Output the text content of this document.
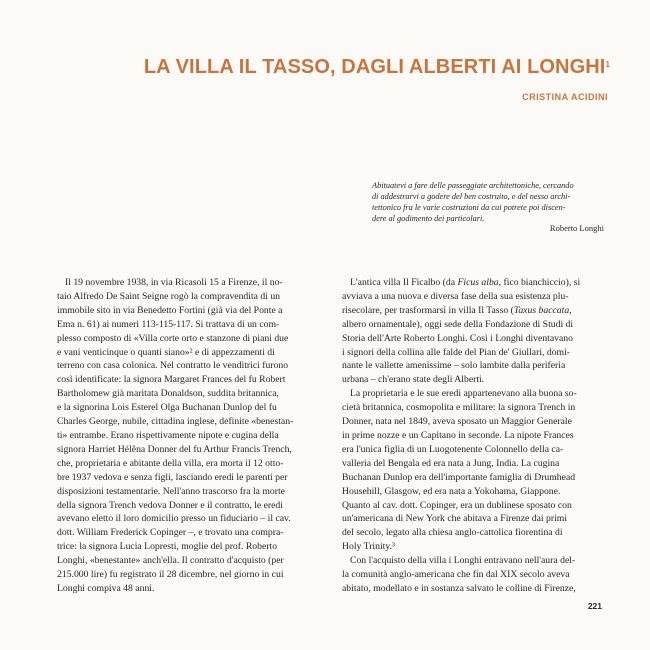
LA VILLA IL TASSO, DAGLI ALBERTI AI LONGHI$^1$
CRISTINA ACIDINI
Abituatevi a fare delle passeggiate architettoniche, cercando
di addestrarvi a godere del ben costruito, e del nesso archi-
tettonico fra le varie costruzioni da cui potrete poi discen-
dere al godimento dei particolari.
Roberto Longhi
Il 19 novembre 1938, in via Ricasoli 15 a Firenze, il no-
taio Alfredo De Saint Seigne rogò la compravendita di un
immobile sito in via Benedetto Fortini (già via del Ponte a
Ema n. 61) ai numeri 113-115-117. Si trattava di un com-
plesso composto di «Villa corte orto e stanzone di piani due
e vani venticinque o quanti siano»² e di appezzamenti di
terreno con casa colonica. Nel contratto le venditrici furono
così identificate: la signora Margaret Frances del fu Robert
Bartholomew già maritata Donaldson, suddita britannica,
e la signorina Lois Esterel Olga Buchanan Dunlop del fu
Charles George, nubile, cittadina inglese, definite «benestan-
ti» entrambe. Erano rispettivamente nipote e cugina della
signora Harriet Hélêna Donner del fu Arthur Francis Trench,
che, proprietaria e abitante della villa, era morta il 12 otto-
bre 1937 vedova e senza figli, lasciando eredi le parenti per
disposizioni testamentarie. Nell'anno trascorso fra la morte
della signora Trench vedova Donner e il contratto, le eredi
avevano eletto il loro domicilio presso un fiduciario – il cav.
dott. William Frederick Copinger –, e trovato una compra-
trice: la signora Lucia Lopresti, moglie del prof. Roberto
Longhi, «benestante» anch'ella. Il contratto d'acquisto (per
215.000 lire) fu registrato il 28 dicembre, nel giorno in cui
Longhi compiva 48 anni.
L'antica villa Il Ficalbo (da Ficus alba, fico bianchiccio), si
avviava a una nuova e diversa fase della sua esistenza plu-
risecolare, per trasformarsi in villa Il Tasso (Taxus baccata,
albero ornamentale), oggi sede della Fondazione di Studi di
Storia dell'Arte Roberto Longhi. Così i Longhi diventavano
i signori della collina alle falde del Pian de' Giullari, domi-
nante le vallette amenissime – solo lambite dalla periferia
urbana – ch'erano state degli Alberti.
La proprietaria e le sue eredi appartenevano alla buona so-
cietà britannica, cosmopolita e militare: la signora Trench in
Donner, nata nel 1849, aveva sposato un Maggior Generale
in prime nozze e un Capitano in seconde. La nipote Frances
era l'unica figlia di un Luogotenente Colonnello della ca-
valleria del Bengala ed era nata a Jung, India. La cugina
Buchanan Dunlop era dell'importante famiglia di Drumhead
Househill, Glasgow, ed era nata a Yokohama, Giappone.
Quanto al cav. dott. Copinger, era un dublinese sposato con
un'americana di New York che abitava a Firenze dai primi
del secolo, legato alla chiesa anglo-cattolica fiorentina di
Holy Trinity.³
Con l'acquisto della villa i Longhi entravano nell'aura del-
la comunità anglo-americana che fin dal XIX secolo aveva
abitato, modellato e in sostanza salvato le colline di Firenze,
221
